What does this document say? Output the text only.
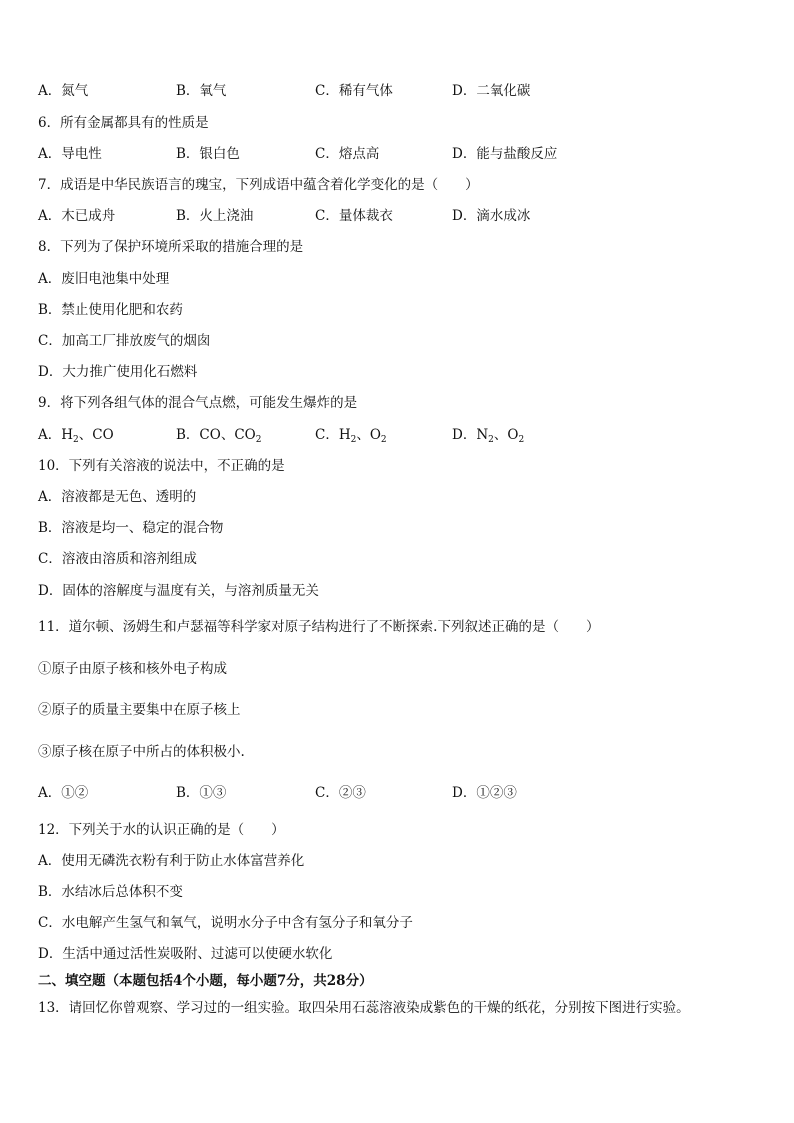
A．氮气	B．氧气	C．稀有气体	D．二氧化碳
6．所有金属都具有的性质是
A．导电性	B．银白色	C．熔点高	D．能与盐酸反应
7．成语是中华民族语言的瑰宝，下列成语中蕴含着化学变化的是（　　）
A．木已成舟	B．火上浇油	C．量体裁衣	D．滴水成冰
8．下列为了保护环境所采取的措施合理的是
A．废旧电池集中处理
B．禁止使用化肥和农药
C．加高工厂排放废气的烟囱
D．大力推广使用化石燃料
9．将下列各组气体的混合气点燃，可能发生爆炸的是
A．$H_2$、CO	B．CO、$CO_2$	C．$H_2$、$O_2$	D．$N_2$、$O_2$
10．下列有关溶液的说法中，不正确的是
A．溶液都是无色、透明的
B．溶液是均一、稳定的混合物
C．溶液由溶质和溶剂组成
D．固体的溶解度与温度有关，与溶剂质量无关
11．道尔顿、汤姆生和卢瑟福等科学家对原子结构进行了不断探索.下列叙述正确的是（　　）
①原子由原子核和核外电子构成
②原子的质量主要集中在原子核上
③原子核在原子中所占的体积极小.
A．①②	B．①③	C．②③	D．①②③
12．下列关于水的认识正确的是（　　）
A．使用无磷洗衣粉有利于防止水体富营养化
B．水结冰后总体积不变
C．水电解产生氢气和氧气，说明水分子中含有氢分子和氧分子
D．生活中通过活性炭吸附、过滤可以使硬水软化
二、填空题（本题包括4个小题，每小题7分，共28分）
13．请回忆你曾观察、学习过的一组实验。取四朵用石蕊溶液染成紫色的干燥的纸花，分别按下图进行实验。
